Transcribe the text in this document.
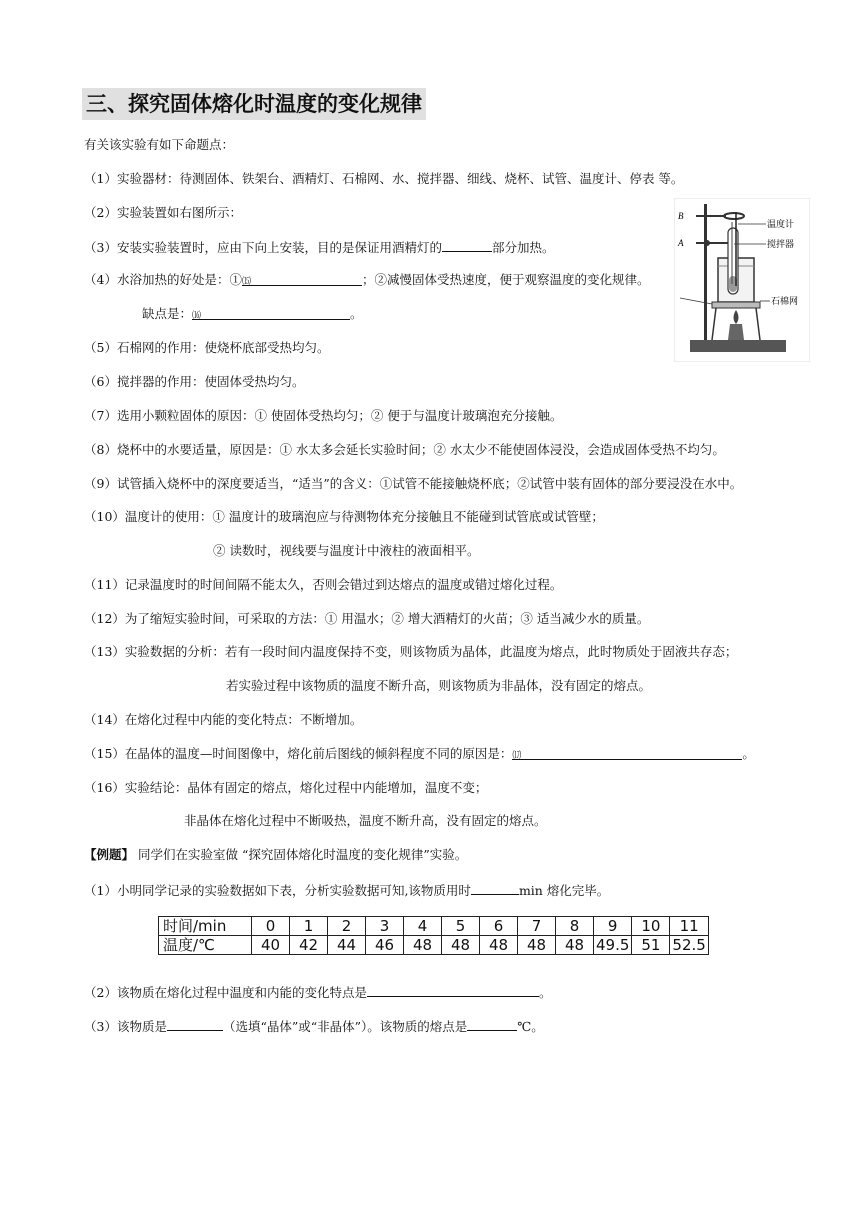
三、探究固体熔化时温度的变化规律
有关该实验有如下命题点：
（1）实验器材：待测固体、铁架台、酒精灯、石棉网、水、搅拌器、细线、烧杯、试管、温度计、停表 等。
（2）实验装置如右图所示：
（3）安装实验装置时，应由下向上安装，目的是保证用酒精灯的	部分加热。
（4）水浴加热的好处是：①⒂	；②减慢固体受热速度，便于观察温度的变化规律。
缺点是：⒃	。
（5）石棉网的作用：使烧杯底部受热均匀。
（6）搅拌器的作用：使固体受热均匀。
（7）选用小颗粒固体的原因：① 使固体受热均匀；② 便于与温度计玻璃泡充分接触。
（8）烧杯中的水要适量，原因是：① 水太多会延长实验时间；② 水太少不能使固体浸没，会造成固体受热不均匀。
（9）试管插入烧杯中的深度要适当，“适当”的含义：①试管不能接触烧杯底；②试管中装有固体的部分要浸没在水中。
（10）温度计的使用：① 温度计的玻璃泡应与待测物体充分接触且不能碰到试管底或试管壁；
② 读数时，视线要与温度计中液柱的液面相平。
（11）记录温度时的时间间隔不能太久，否则会错过到达熔点的温度或错过熔化过程。
（12）为了缩短实验时间，可采取的方法：① 用温水；② 增大酒精灯的火苗；③ 适当减少水的质量。
（13）实验数据的分析：若有一段时间内温度保持不变，则该物质为晶体，此温度为熔点，此时物质处于固液共存态；
若实验过程中该物质的温度不断升高，则该物质为非晶体，没有固定的熔点。
（14）在熔化过程中内能的变化特点：不断增加。
（15）在晶体的温度—时间图像中，熔化前后图线的倾斜程度不同的原因是：⒄	。
（16）实验结论：晶体有固定的熔点，熔化过程中内能增加，温度不变；
非晶体在熔化过程中不断吸热，温度不断升高，没有固定的熔点。
【例题】 同学们在实验室做 “探究固体熔化时温度的变化规律”实验。
（1）小明同学记录的实验数据如下表，分析实验数据可知,该物质用时	min 熔化完毕。
时间/min	0	1	2	3	4	5	6	7	8	9	10	11
温度/℃	40	42	44	46	48	48	48	48	48	49.5	51	52.5
（2）该物质在熔化过程中温度和内能的变化特点是	。
（3）该物质是	（选填“晶体”或“非晶体”）。该物质的熔点是	℃。
B
A
温度计
搅拌器
石棉网
